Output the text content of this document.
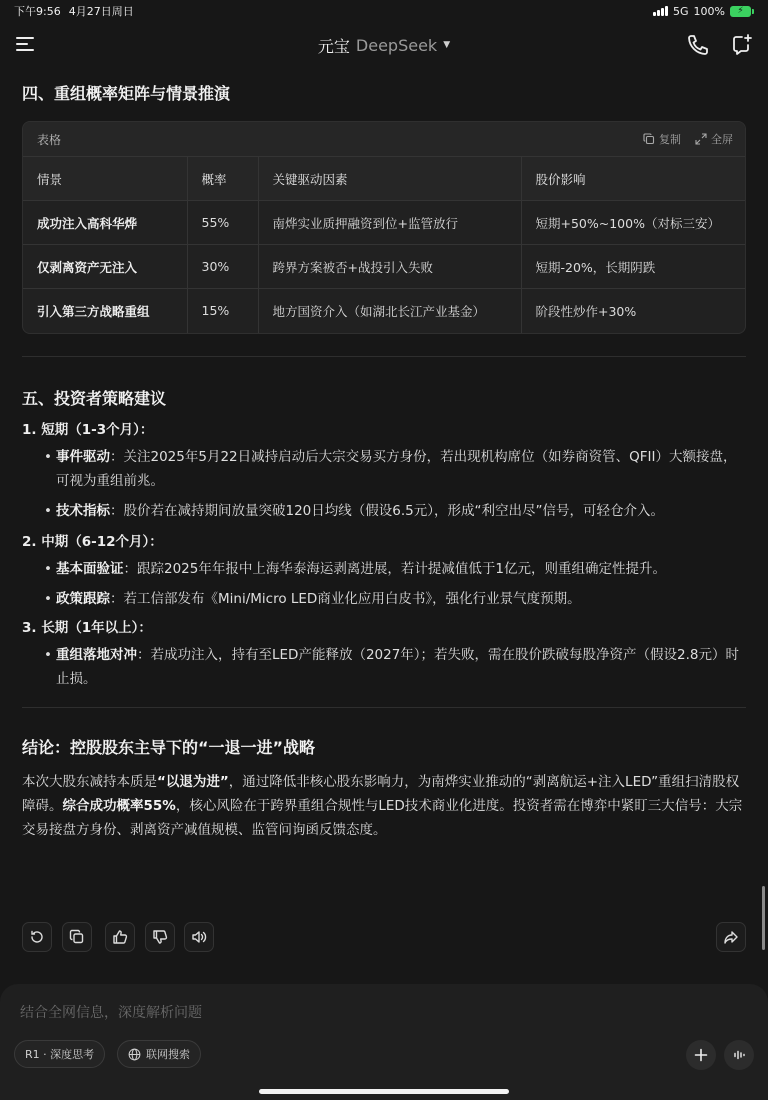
下午9:56 4月27日周日	5G 100% ⚡
元宝 DeepSeek ▼
四、重组概率矩阵与情景推演
表格	复制	全屏
情景	概率	关键驱动因素	股价影响
成功注入高科华烨	55%	南烨实业质押融资到位+监管放行	短期+50%~100%（对标三安）
仅剥离资产无注入	30%	跨界方案被否+战投引入失败	短期-20%，长期阴跌
引入第三方战略重组	15%	地方国资介入（如湖北长江产业基金）	阶段性炒作+30%
五、投资者策略建议
1. 短期（1-3个月）：
• 事件驱动：关注2025年5月22日减持启动后大宗交易买方身份，若出现机构席位（如券商资管、QFII）大额接盘，可视为重组前兆。
• 技术指标：股价若在减持期间放量突破120日均线（假设6.5元），形成“利空出尽”信号，可轻仓介入。
2. 中期（6-12个月）：
• 基本面验证：跟踪2025年年报中上海华泰海运剥离进展，若计提减值低于1亿元，则重组确定性提升。
• 政策跟踪：若工信部发布《Mini/Micro LED商业化应用白皮书》，强化行业景气度预期。
3. 长期（1年以上）：
• 重组落地对冲：若成功注入，持有至LED产能释放（2027年）；若失败，需在股价跌破每股净资产（假设2.8元）时止损。
结论：控股股东主导下的“一退一进”战略

本次大股东减持本质是“以退为进”，通过降低非核心股东影响力，为南烨实业推动的“剥离航运+注入LED”重组扫清股权障碍。综合成功概率55%，核心风险在于跨界重组合规性与LED技术商业化进度。投资者需在博弈中紧盯三大信号：大宗交易接盘方身份、剥离资产减值规模、监管问询函反馈态度。

结合全网信息，深度解析问题
R1 · 深度思考	联网搜索
